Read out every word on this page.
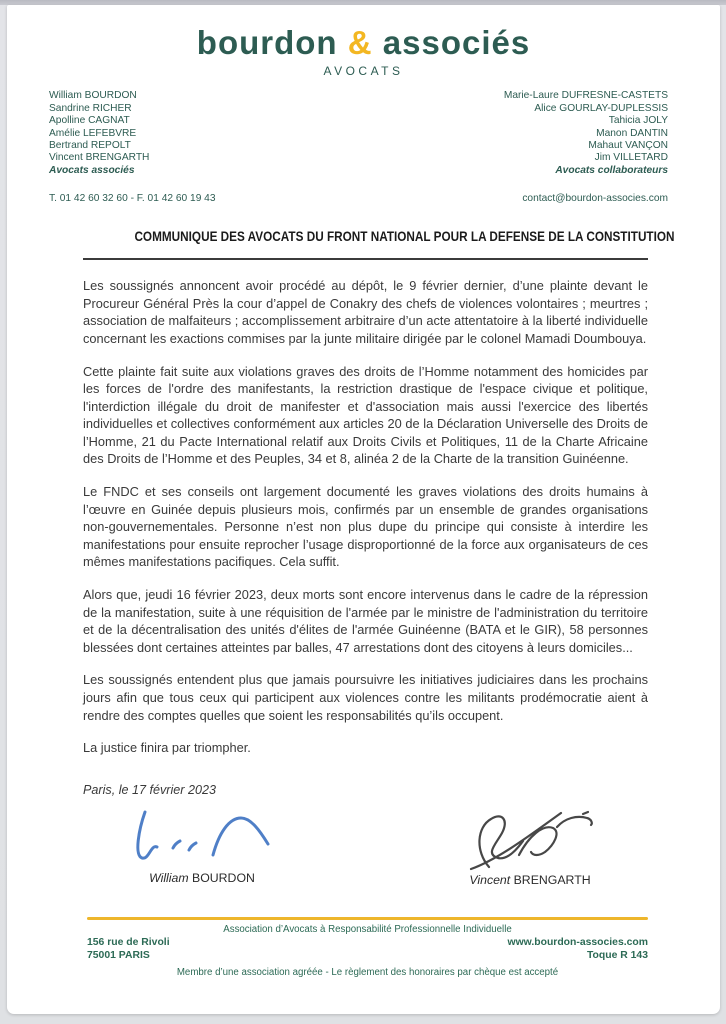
bourdon & associés
AVOCATS
William BOURDON
Sandrine RICHER
Apolline CAGNAT
Amélie LEFEBVRE
Bertrand REPOLT
Vincent BRENGARTH
Avocats associés
Marie-Laure DUFRESNE-CASTETS
Alice GOURLAY-DUPLESSIS
Tahicia JOLY
Manon DANTIN
Mahaut VANÇON
Jim VILLETARD
Avocats collaborateurs
T. 01 42 60 32 60 - F. 01 42 60 19 43	contact@bourdon-associes.com
COMMUNIQUE DES AVOCATS DU FRONT NATIONAL POUR LA DEFENSE DE LA CONSTITUTION

Les soussignés annoncent avoir procédé au dépôt, le 9 février dernier, d’une plainte devant le Procureur Général Près la cour d’appel de Conakry des chefs de violences volontaires ; meurtres ; association de malfaiteurs ; accomplissement arbitraire d’un acte attentatoire à la liberté individuelle concernant les exactions commises par la junte militaire dirigée par le colonel Mamadi Doumbouya.

Cette plainte fait suite aux violations graves des droits de l’Homme notamment des homicides par les forces de l'ordre des manifestants, la restriction drastique de l'espace civique et politique, l'interdiction illégale du droit de manifester et d'association mais aussi l'exercice des libertés individuelles et collectives conformément aux articles 20 de la Déclaration Universelle des Droits de l’Homme, 21 du Pacte International relatif aux Droits Civils et Politiques, 11 de la Charte Africaine des Droits de l’Homme et des Peuples, 34 et 8, alinéa 2 de la Charte de la transition Guinéenne.

Le FNDC et ses conseils ont largement documenté les graves violations des droits humains à l’œuvre en Guinée depuis plusieurs mois, confirmés par un ensemble de grandes organisations non-gouvernementales. Personne n’est non plus dupe du principe qui consiste à interdire les manifestations pour ensuite reprocher l’usage disproportionné de la force aux organisateurs de ces mêmes manifestations pacifiques. Cela suffit.

Alors que, jeudi 16 février 2023, deux morts sont encore intervenus dans le cadre de la répression de la manifestation, suite à une réquisition de l'armée par le ministre de l'administration du territoire et de la décentralisation des unités d'élites de l'armée Guinéenne (BATA et le GIR), 58 personnes blessées dont certaines atteintes par balles, 47 arrestations dont des citoyens à leurs domiciles...

Les soussignés entendent plus que jamais poursuivre les initiatives judiciaires dans les prochains jours afin que tous ceux qui participent aux violences contre les militants prodémocratie aient à rendre des comptes quelles que soient les responsabilités qu’ils occupent.

La justice finira par triompher.

Paris, le 17 février 2023
William BOURDON	Vincent BRENGARTH
Association d’Avocats à Responsabilité Professionnelle Individuelle
156 rue de Rivoli
75001 PARIS
www.bourdon-associes.com
Toque R 143
Membre d’une association agréée - Le règlement des honoraires par chèque est accepté
